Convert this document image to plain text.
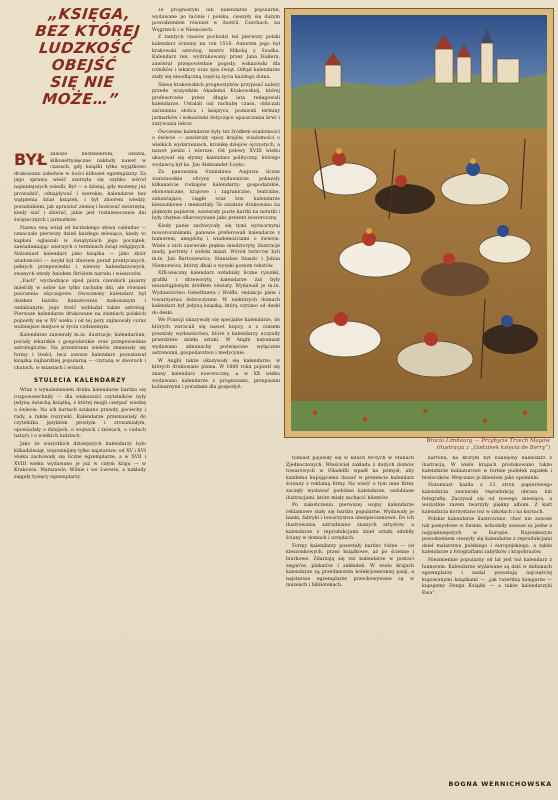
„KSIĘGA,
BEZ KTÓREJ
LUDZKOŚĆ
OBEJŚĆ
SIĘ NIE
MOŻE…”

BYŁ zawsze bestsellerem, ostatni, kilkusettysięczne nakłady nawet w czasach, gdy książki tylko wyjątkowo drukowano zaledwie w ilości kilkuset egzemplarzy. Za jego sprawą wieść szerzyła się szybko wśród najmniejszych osiedli. Był — a dzisiaj, gdy możemy już prowadzić, odnajdywać i szerokie, kalendarze bez wątpienia dział książek, i był zbiorem wiedzy, poradnikiem, jak uprawiać ziemię i hodować zwierzęta, kiedy siać i zbierać, jakie jest rozmieszczenie dni świątecznych i jarmarków.

Nazwa swą wziął od łacińskiego słowa calendae — oznaczało pierwszy dzień każdego miesiąca, kiedy to kapłani ogłaszali w świątyniach jego początek, zawiadamiając wiernych o terminach świąt religijnych. Natomiast kalendarz jako książka — jako zbiór wiadomości — zwykł był zbiorem porad praktycznych, pełnych przepowiedni i wierszy kalendarzowych, zwanych wtedy Aniołem Stróżem narodu i wieszczów.

„Fasti” wychodzące spod pióra czerskich pisarzy mieściły w sobie nie tylko rachubę dni, ale również pouczenia obyczajowe. Owoczesny kalendarz był dziełem bardzo kunsztownie malowanym i ozdabianym; jego treść wykładał także astrolog. Pierwsze kalendarze drukowane na ziemiach polskich pojawiły się w XV wieku i od tej pory zajmowały coraz ważniejsze miejsce w życiu codziennym.

Kalendarze zawierały m.in. ilustracje, kalendarium, porady lekarskie i gospodarskie oraz przepowiednie astrologiczne. Na przestrzeni wieków zmieniały się formy i treści, lecz zawsze kalendarz pozostawał książką najbardziej popularną — czytaną w dworach i chatach, w miastach i wsiach.

STULECIA KALENDARZY

Wraz z wynalezieniem druku kalendarze bardzo się rozpowszechniły — dla większości czytelników były jedyną świecką książką, z której mogli czerpać wiedzę o świecie. Na ich kartach szukano prawdy, pociechy i rady, a także rozrywki. Kalendarze przemawiały do czytelnika językiem prostym i zrozumiałym, opowiadały o dziejach, o wojnach i żniwach, o cudach natury i o wielkich ludziach.

Jako że wszystkich dzisiejszych kalendarzy było kilkadziesiąt, wspomnijmy tylko najstarsze: od XV i XVI wieku zachowały się liczne egzemplarze, a w XVII i XVIII wieku wydawano je już w całym kraju — w Krakowie, Warszawie, Wilnie i we Lwowie, a nakłady sięgały tysięcy egzemplarzy.

Te prognostyki lub kalendarze popularne, wydawane po łacinie i polsku, cieszyły się dużym powodzeniem również w Austrii, Czechach, na Węgrzech i w Niemczech.

Z tamtych czasów pochodzi też pierwszy polski kalendarz ścienny na rok 1516. Autorem jego był krakowski astrolog, mistrz Mikołaj z Szadka. Kalendarz ten, wydrukowany przez Jana Hallera, zawierał przepowiednie pogody, wskazówki dla rolników i lekarzy oraz spis świąt. Odtąd kalendarze stały się nieodłączną częścią życia każdego domu.

Sławę krakowskich prognostyków przypisać należy przede wszystkim Akademii Krakowskiej, której profesorowie przez długie lata redagowali kalendarze. Ustalali oni rachubę czasu, obliczali zaćmienia słońca i księżyca, podawali terminy jarmarków i wskazówki dotyczące upuszczania krwi i zażywania leków.

Ówczesne kalendarze były też źródłem wiadomości o świecie — zawierały opisy krajów, wiadomości o wielkich wydarzeniach, kronikę dziejów ojczystych, a nawet pieśni i wiersze. Od połowy XVIII wieku ukazywał się słynny kalendarz polityczny, którego wydawcą był ks. Jan Aleksander Łoyko.

Za panowania Stanisława Augusta liczne warszawskie oficyny wydawnicze pokazały kilkanaście rodzajów kalendarzy: gospodarskie, ekonomiczne, krajowe i zagraniczne, teatralne, zabawiające, ciągłe oraz tzw. kalendarze kieszonkowe i memoriały. Te ostatnie drukowano na pięknym papierze, zawierały puste kartki na notatki i były chętnie ofiarowywane jako prezent noworoczny.

Kiedy panie zachwycały się tymi wytwornymi noworocznikami, panowie preferowali kalendarze z humorem, anegdotą i wiadomościami o świecie. Wiele z nich zawierało piękne miedzioryty, ilustracje mody, portrety i widoki miast. Wśród twórców byli m.in. Jan Bartoszewicz, Stanisław Staszic i Julian Niemcewicz, którzy dbali o wysoki poziom tekstów.

XIX-wieczny kalendarz ozdabiały liczne rysunki, grafiki i drzeworyty, kalendarze zaś były niezastąpionym źródłem oświaty. Wydawali je m.in. Wydawnictwo Gebethnera i Wolffa, redakcje pism i towarzystwa dobroczynne. W niektórych domach kalendarz był jedyną książką, którą czytano od deski do deski.

We Francji ukazywały się specjalne kalendarze, do których zwracali się nawet kupcy, a z czasem powstały wydawnictwa, które z kalendarzy uczyniły prawdziwe dzieła sztuki. W Anglii natomiast wydawano almanachy poświęcone wyłącznie astronomii, gospodarstwu i medycynie.

W Anglii także ukazywały się kalendarze, w których drukowano pisma. W 1880 roku pojawił się znany kalendarz noworoczny, a w XX wieku wydawano kalendarze z prognozami, przepisami kulinarnymi i poradami dla gospodyń.

Bracia Limbourg — Przybycie Trzech Magów
(ilustracja z „Godzinek księcia de Berry”)

tomiast pojawiły się w latach 80-tych w Stanach Zjednoczonych. Właściciel zakładu z dużych domów towarowych w Filadelfii wpadł na pomysł, aby każdemu kupującemu dawać w prezencie kalendarz ścienny z reklamą firmy. Na wieść o tym inne firmy zaczęły wydawać podobne kalendarze, ozdabiane ilustracjami, które miały zachęcić klientów.

Po zakończeniu pierwszej wojny kalendarze reklamowe stały się bardzo popularne. Wydawały je banki, fabryki i towarzystwa ubezpieczeniowe. Do ich ilustrowania zatrudniano znanych artystów, a kalendarze z reprodukcjami dzieł sztuki zdobiły ściany w domach i urzędach.

Formy kalendarzy pozostały bardzo różne — od kieszonkowych, przez książkowe, aż po ścienne i biurkowe. Zdarzają się też kalendarze w postaci zegarów, plakatów i zakładek. W wielu krajach kalendarze są przedmiotem kolekcjonerskiej pasji, a najstarsze egzemplarze przechowywane są w muzeach i bibliotekach.

kartonu, na którym był naklejony kalendarz z ilustracją. W wielu krajach produkowano także kalendarze miniaturowe w formie pudełek zapałek i breloczków. Wręczano je klientom jako upominki.

Natomiast każda z 12 stron papierowego kalendarza zawierała reprodukcję obrazu lub fotografię. Zaczynał się od nowego miesiąca, a wszystkie razem tworzyły piękny album. Z kart kalendarza korzystano też w szkołach i na kursach.

Polskie kalendarze ilustrowane, choć nie zawsze tak pomysłowe w formie, uchodziły zawsze za jedne z najpiękniejszych w Europie. Największym powodzeniem cieszyły się kalendarze z reprodukcjami dzieł malarstwa polskiego i europejskiego, a także kalendarze z fotografiami zabytków i krajobrazów.

Niezmiennie popularny od lat jest też kalendarz z humorem. Kalendarze wydawane są dziś w milionach egzemplarzy i nadal pozostają najczęściej kupowanymi książkami — „jak twierdzą księgarze — kupujemy Donga Książki — a także kalendarzyki Ewa”.

BOGNA WERNICHOWSKA
